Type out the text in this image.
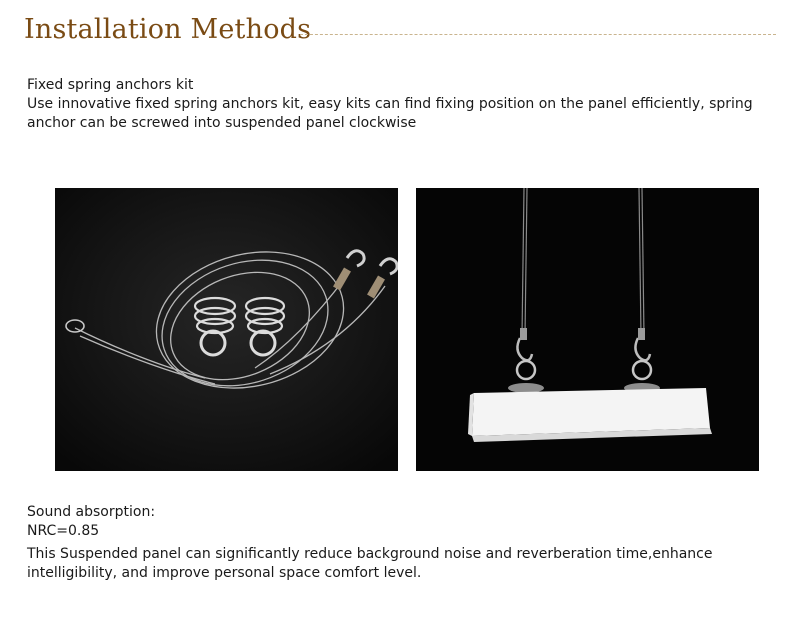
Installation Methods
Fixed spring anchors kit
Use innovative fixed spring anchors kit, easy kits can find fixing position on the panel efficiently, spring anchor can be screwed into suspended panel clockwise
Sound absorption:
NRC=0.85
This Suspended panel can significantly reduce background noise and reverberation time,enhance intelligibility, and improve personal space comfort level.
